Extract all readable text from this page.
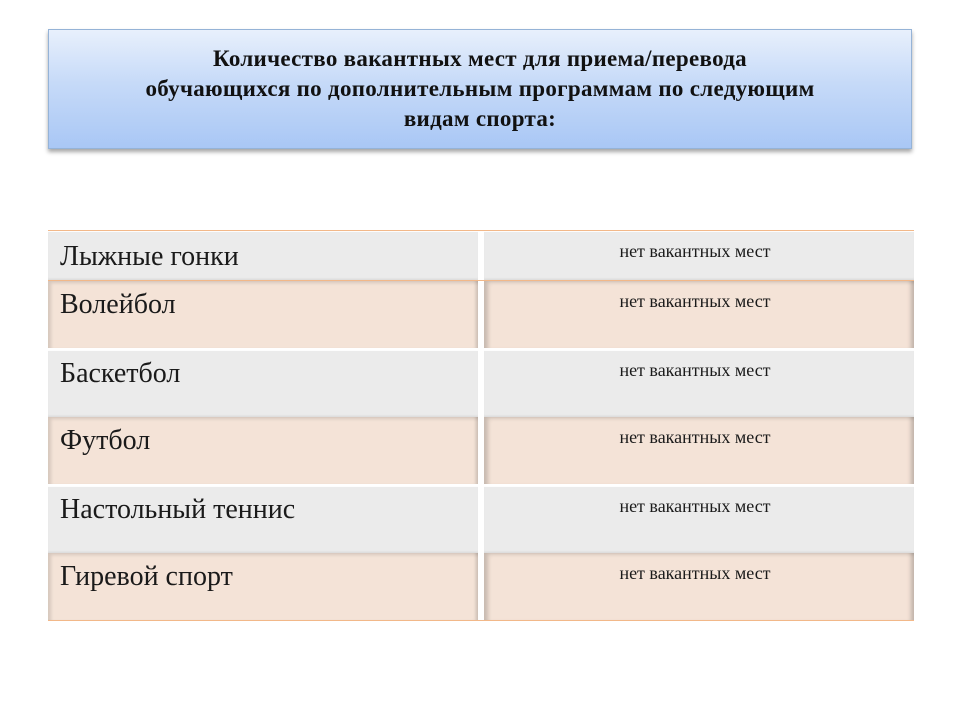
Количество вакантных мест для приема/перевода
обучающихся по дополнительным программам по следующим
видам спорта:
Лыжные гонки	нет вакантных мест
Волейбол	нет вакантных мест
Баскетбол	нет вакантных мест
Футбол	нет вакантных мест
Настольный теннис	нет вакантных мест
Гиревой спорт	нет вакантных мест
